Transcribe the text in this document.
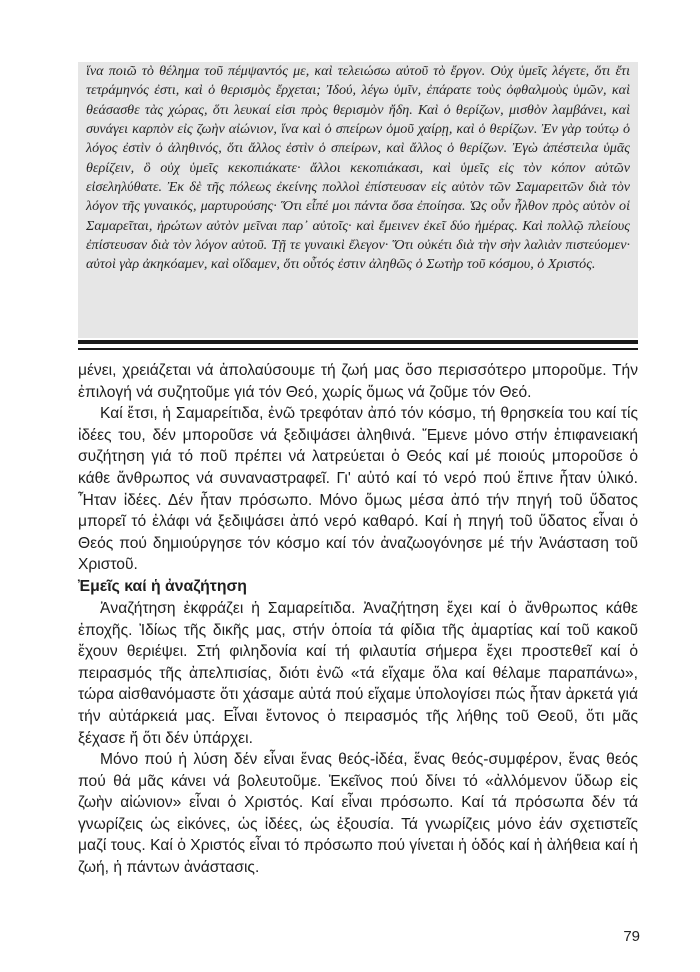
ἵνα ποιῶ τὸ θέλημα τοῦ πέμψαντός με, καὶ τελειώσω αὐτοῦ τὸ ἔργον. Οὐχ ὑμεῖς λέγετε, ὅτι ἔτι τετράμηνός ἐστι, καὶ ὁ θερισμὸς ἔρχεται; Ἰδού, λέγω ὑμῖν, ἐπάρατε τοὺς ὀφθαλμοὺς ὑμῶν, καὶ θεάσασθε τὰς χώρας, ὅτι λευκαί εἰσι πρὸς θερισμὸν ἤδη. Καὶ ὁ θερίζων, μισθὸν λαμβάνει, καὶ συνάγει καρπὸν εἰς ζωὴν αἰώνιον, ἵνα καὶ ὁ σπείρων ὁμοῦ χαίρῃ, καὶ ὁ θερίζων. Ἐν γὰρ τούτῳ ὁ λόγος ἐστὶν ὁ ἀληθινός, ὅτι ἄλλος ἐστὶν ὁ σπείρων, καὶ ἄλλος ὁ θερίζων. Ἐγὼ ἀπέστειλα ὑμᾶς θερίζειν, ὃ οὐχ ὑμεῖς κεκοπιάκατε· ἄλλοι κεκοπιάκασι, καὶ ὑμεῖς εἰς τὸν κόπον αὐτῶν εἰσεληλύθατε. Ἐκ δὲ τῆς πόλεως ἐκείνης πολλοὶ ἐπίστευσαν εἰς αὐτὸν τῶν Σαμαρειτῶν διὰ τὸν λόγον τῆς γυναικός, μαρτυρούσης· Ὅτι εἶπέ μοι πάντα ὅσα ἐποίησα. Ὡς οὖν ἦλθον πρὸς αὐτὸν οἱ Σαμαρεῖται, ἠρώτων αὐτὸν μεῖναι παρ᾽ αὐτοῖς· καὶ ἔμεινεν ἐκεῖ δύο ἡμέρας. Καὶ πολλῷ πλείους ἐπίστευσαν διὰ τὸν λόγον αὐτοῦ. Τῇ τε γυναικὶ ἔλεγον· Ὅτι οὐκέτι διὰ τὴν σὴν λαλιὰν πιστεύομεν· αὐτοὶ γὰρ ἀκηκόαμεν, καὶ οἴδαμεν, ὅτι οὗτός ἐστιν ἀληθῶς ὁ Σωτὴρ τοῦ κόσμου, ὁ Χριστός.

μένει, χρειάζεται νά ἀπολαύσουμε τή ζωή μας ὅσο περισσότερο μποροῦμε. Τήν ἐπιλογή νά συζητοῦμε γιά τόν Θεό, χωρίς ὅμως νά ζοῦμε τόν Θεό.

Καί ἔτσι, ἡ Σαμαρείτιδα, ἐνῶ τρεφόταν ἀπό τόν κόσμο, τή θρησκεία του καί τίς ἰδέες του, δέν μποροῦσε νά ξεδιψάσει ἀληθινά. Ἔμενε μόνο στήν ἐπιφανειακή συζήτηση γιά τό ποῦ πρέπει νά λατρεύεται ὁ Θεός καί μέ ποιούς μποροῦσε ὁ κάθε ἄνθρωπος νά συναναστραφεῖ. Γι' αὐτό καί τό νερό πού ἔπινε ἦταν ὑλικό. Ἦταν ἰδέες. Δέν ἦταν πρόσωπο. Μόνο ὅμως μέσα ἀπό τήν πηγή τοῦ ὕδατος μπορεῖ τό ἐλάφι νά ξεδιψάσει ἀπό νερό καθαρό. Καί ἡ πηγή τοῦ ὕδατος εἶναι ὁ Θεός πού δημιούργησε τόν κόσμο καί τόν ἀναζωογόνησε μέ τήν Ἀνάσταση τοῦ Χριστοῦ.

Ἐμεῖς καί ἡ ἀναζήτηση

Ἀναζήτηση ἐκφράζει ἡ Σαμαρείτιδα. Ἀναζήτηση ἔχει καί ὁ ἄνθρωπος κάθε ἐποχῆς. Ἰδίως τῆς δικῆς μας, στήν ὁποία τά φίδια τῆς ἁμαρτίας καί τοῦ κακοῦ ἔχουν θεριέψει. Στή φιληδονία καί τή φιλαυτία σήμερα ἔχει προστεθεῖ καί ὁ πειρασμός τῆς ἀπελπισίας, διότι ἐνῶ «τά εἴχαμε ὅλα καί θέλαμε παραπάνω», τώρα αἰσθανόμαστε ὅτι χάσαμε αὐτά πού εἴχαμε ὑπολογίσει πώς ἦταν ἀρκετά γιά τήν αὐτάρκειά μας. Εἶναι ἔντονος ὁ πειρασμός τῆς λήθης τοῦ Θεοῦ, ὅτι μᾶς ξέχασε ἤ ὅτι δέν ὑπάρχει.

Μόνο πού ἡ λύση δέν εἶναι ἕνας θεός-ἰδέα, ἕνας θεός-συμφέρον, ἕνας θεός πού θά μᾶς κάνει νά βολευτοῦμε. Ἐκεῖνος πού δίνει τό «ἀλλόμενον ὕδωρ εἰς ζωὴν αἰώνιον» εἶναι ὁ Χριστός. Καί εἶναι πρόσωπο. Καί τά πρόσωπα δέν τά γνωρίζεις ὡς εἰκόνες, ὡς ἰδέες, ὡς ἐξουσία. Τά γνωρίζεις μόνο ἐάν σχετιστεῖς μαζί τους. Καί ὁ Χριστός εἶναι τό πρόσωπο πού γίνεται ἡ ὁδός καί ἡ ἀλήθεια καί ἡ ζωή, ἡ πάντων ἀνάστασις.

79
